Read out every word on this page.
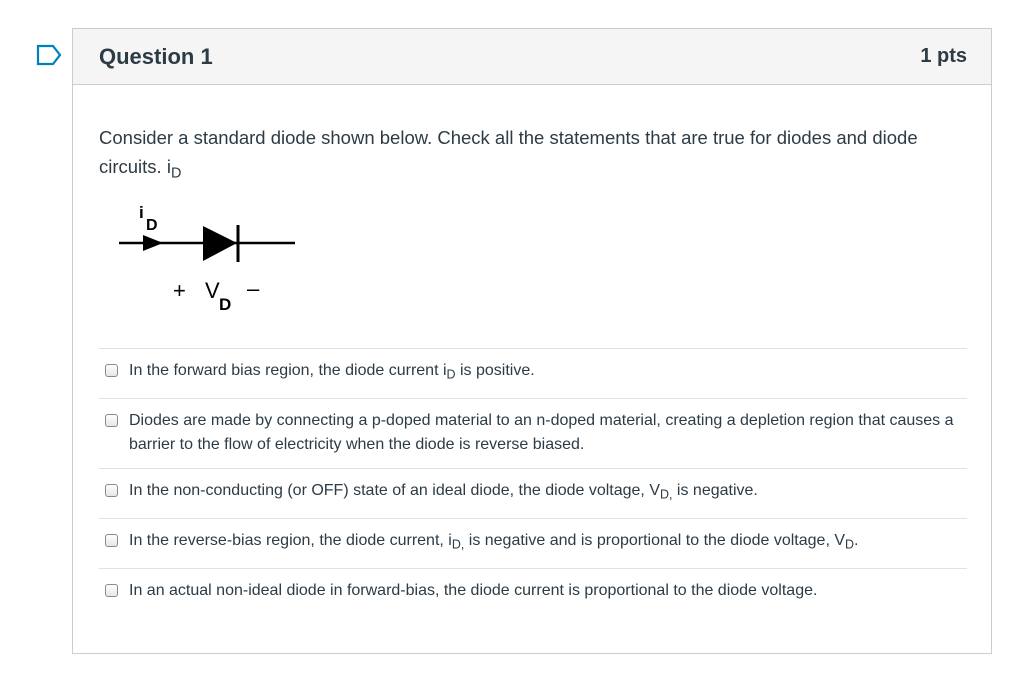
Question 1	1 pts
Consider a standard diode shown below. Check all the statements that are true for diodes and diode circuits. $i_D$
i
D
+ V
D
–
In the forward bias region, the diode current $i_D$ is positive.
Diodes are made by connecting a p-doped material to an n-doped material, creating a depletion region that causes a barrier to the flow of electricity when the diode is reverse biased.
In the non-conducting (or OFF) state of an ideal diode, the diode voltage, $V_{D,}$ is negative.
In the reverse-bias region, the diode current, $i_{D,}$ is negative and is proportional to the diode voltage, $V_D$.
In an actual non-ideal diode in forward-bias, the diode current is proportional to the diode voltage.
